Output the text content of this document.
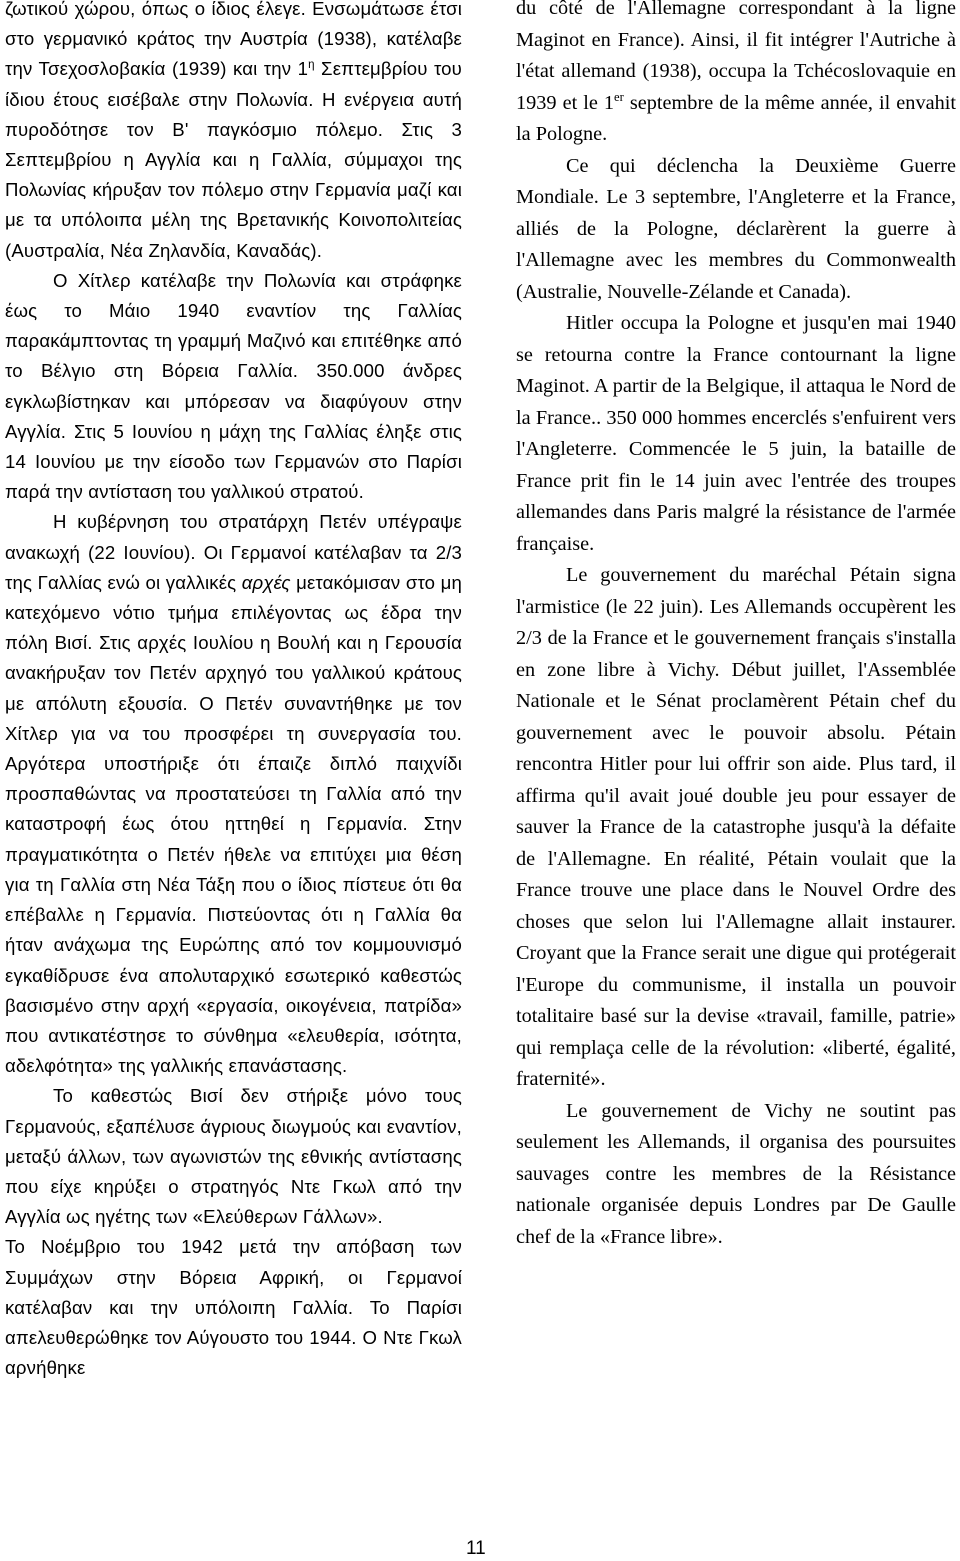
ζωτικού χώρου, όπως ο ίδιος έλεγε. Ενσωμάτωσε έτσι στο γερμανικό κράτος την Αυστρία (1938), κατέλαβε την Τσεχοσλοβακία (1939) και την $1^\eta$ Σεπτεμβρίου του ίδιου έτους εισέβαλε στην Πολωνία. Η ενέργεια αυτή πυροδότησε τον Β' παγκόσμιο πόλεμο. Στις 3 Σεπτεμβρίου η Αγγλία και η Γαλλία, σύμμαχοι της Πολωνίας κήρυξαν τον πόλεμο στην Γερμανία μαζί και με τα υπόλοιπα μέλη της Βρετανικής Κοινοπολιτείας (Αυστραλία, Νέα Ζηλανδία, Καναδάς).

Ο Χίτλερ κατέλαβε την Πολωνία και στράφηκε έως το Μάιο 1940 εναντίον της Γαλλίας παρακάμπτοντας τη γραμμή Μαζινό και επιτέθηκε από το Βέλγιο στη Βόρεια Γαλλία. 350.000 άνδρες εγκλωβίστηκαν και μπόρεσαν να διαφύγουν στην Αγγλία. Στις 5 Ιουνίου η μάχη της Γαλλίας έληξε στις 14 Ιουνίου με την είσοδο των Γερμανών στο Παρίσι παρά την αντίσταση του γαλλικού στρατού.

Η κυβέρνηση του στρατάρχη Πετέν υπέγραψε ανακωχή (22 Ιουνίου). Οι Γερμανοί κατέλαβαν τα 2/3 της Γαλλίας ενώ οι γαλλικές αρχές μετακόμισαν στο μη κατεχόμενο νότιο τμήμα επιλέγοντας ως έδρα την πόλη Βισί. Στις αρχές Ιουλίου η Βουλή και η Γερουσία ανακήρυξαν τον Πετέν αρχηγό του γαλλικού κράτους με απόλυτη εξουσία. Ο Πετέν συναντήθηκε με τον Χίτλερ για να του προσφέρει τη συνεργασία του. Αργότερα υποστήριξε ότι έπαιζε διπλό παιχνίδι προσπαθώντας να προστατεύσει τη Γαλλία από την καταστροφή έως ότου ηττηθεί η Γερμανία. Στην πραγματικότητα ο Πετέν ήθελε να επιτύχει μια θέση για τη Γαλλία στη Νέα Τάξη που ο ίδιος πίστευε ότι θα επέβαλλε η Γερμανία. Πιστεύοντας ότι η Γαλλία θα ήταν ανάχωμα της Ευρώπης από τον κομμουνισμό εγκαθίδρυσε ένα απολυταρχικό εσωτερικό καθεστώς βασισμένο στην αρχή «εργασία, οικογένεια, πατρίδα» που αντικατέστησε το σύνθημα «ελευθερία, ισότητα, αδελφότητα» της γαλλικής επανάστασης.

Το καθεστώς Βισί δεν στήριξε μόνο τους Γερμανούς, εξαπέλυσε άγριους διωγμούς και εναντίον, μεταξύ άλλων, των αγωνιστών της εθνικής αντίστασης που είχε κηρύξει ο στρατηγός Ντε Γκωλ από την Αγγλία ως ηγέτης των «Ελεύθερων Γάλλων».

Το Νοέμβριο του 1942 μετά την απόβαση των Συμμάχων στην Βόρεια Αφρική, οι Γερμανοί κατέλαβαν και την υπόλοιπη Γαλλία. Το Παρίσι απελευθερώθηκε τον Αύγουστο του 1944. Ο Ντε Γκωλ αρνήθηκε

du côté de l'Allemagne correspondant à la ligne Maginot en France). Ainsi, il fit intégrer l'Autriche à l'état allemand (1938), occupa la Tchécoslovaquie en 1939 et le 1er septembre de la même année, il envahit la Pologne.

Ce qui déclencha la Deuxième Guerre Mondiale. Le 3 septembre, l'Angleterre et la France, alliés de la Pologne, déclarèrent la guerre à l'Allemagne avec les membres du Commonwealth (Australie, Nouvelle-Zélande et Canada).

Hitler occupa la Pologne et jusqu'en mai 1940 se retourna contre la France contournant la ligne Maginot. A partir de la Belgique, il attaqua le Nord de la France.. 350 000 hommes encerclés s'enfuirent vers l'Angleterre. Commencée le 5 juin, la bataille de France prit fin le 14 juin avec l'entrée des troupes allemandes dans Paris malgré la résistance de l'armée française.

Le gouvernement du maréchal Pétain signa l'armistice (le 22 juin). Les Allemands occupèrent les 2/3 de la France et le gouvernement français s'installa en zone libre à Vichy. Début juillet, l'Assemblée Nationale et le Sénat proclamèrent Pétain chef du gouvernement avec le pouvoir absolu. Pétain rencontra Hitler pour lui offrir son aide. Plus tard, il affirma qu'il avait joué double jeu pour essayer de sauver la France de la catastrophe jusqu'à la défaite de l'Allemagne. En réalité, Pétain voulait que la France trouve une place dans le Nouvel Ordre des choses que selon lui l'Allemagne allait instaurer. Croyant que la France serait une digue qui protégerait l'Europe du communisme, il installa un pouvoir totalitaire basé sur la devise «travail, famille, patrie» qui remplaça celle de la révolution: «liberté, égalité, fraternité».

Le gouvernement de Vichy ne soutint pas seulement les Allemands, il organisa des poursuites sauvages contre les membres de la Résistance nationale organisée depuis Londres par De Gaulle chef de la «France libre».

11
